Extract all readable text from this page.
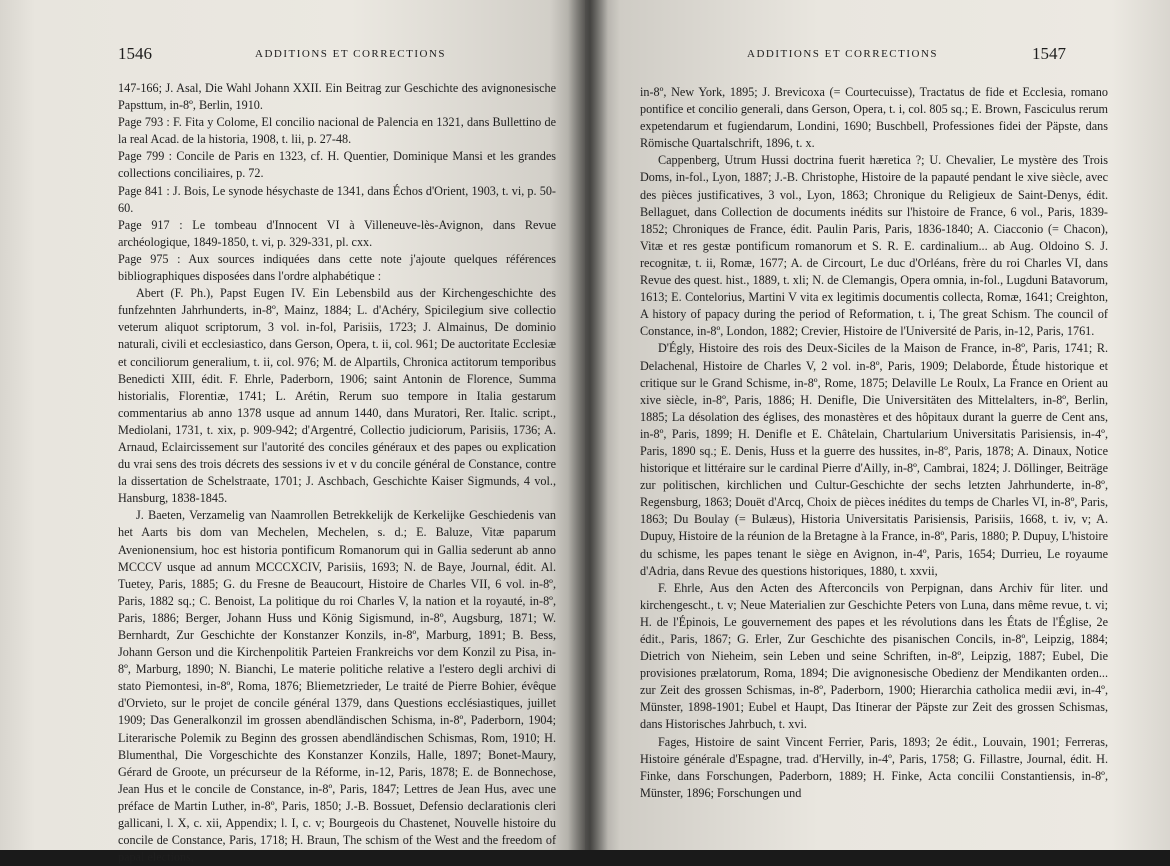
1546	ADDITIONS ET CORRECTIONS

147-166; J. Asal, Die Wahl Johann XXII. Ein Beitrag zur Geschichte des avignonesische Papsttum, in-8º, Berlin, 1910.

Page 793 : F. Fita y Colome, El concilio nacional de Palencia en 1321, dans Bullettino de la real Acad. de la historia, 1908, t. lii, p. 27-48.

Page 799 : Concile de Paris en 1323, cf. H. Quentier, Dominique Mansi et les grandes collections conciliaires, p. 72.

Page 841 : J. Bois, Le synode hésychaste de 1341, dans Échos d'Orient, 1903, t. vi, p. 50-60.

Page 917 : Le tombeau d'Innocent VI à Villeneuve-lès-Avignon, dans Revue archéologique, 1849-1850, t. vi, p. 329-331, pl. cxx.

Page 975 : Aux sources indiquées dans cette note j'ajoute quelques références bibliographiques disposées dans l'ordre alphabétique :

Abert (F. Ph.), Papst Eugen IV. Ein Lebensbild aus der Kirchengeschichte des funfzehnten Jahrhunderts, in-8º, Mainz, 1884; L. d'Achéry, Spicilegium sive collectio veterum aliquot scriptorum, 3 vol. in-fol, Parisiis, 1723; J. Almainus, De dominio naturali, civili et ecclesiastico, dans Gerson, Opera, t. ii, col. 961; De auctoritate Ecclesiæ et conciliorum generalium, t. ii, col. 976; M. de Alpartils, Chronica actitorum temporibus Benedicti XIII, édit. F. Ehrle, Paderborn, 1906; saint Antonin de Florence, Summa historialis, Florentiæ, 1741; L. Arétin, Rerum suo tempore in Italia gestarum commentarius ab anno 1378 usque ad annum 1440, dans Muratori, Rer. Italic. script., Mediolani, 1731, t. xix, p. 909-942; d'Argentré, Collectio judiciorum, Parisiis, 1736; A. Arnaud, Eclaircissement sur l'autorité des conciles généraux et des papes ou explication du vrai sens des trois décrets des sessions iv et v du concile général de Constance, contre la dissertation de Schelstraate, 1701; J. Aschbach, Geschichte Kaiser Sigmunds, 4 vol., Hansburg, 1838-1845.

J. Baeten, Verzamelig van Naamrollen Betrekkelijk de Kerkelijke Geschiedenis van het Aarts bis dom van Mechelen, Mechelen, s. d.; E. Baluze, Vitæ paparum Avenionensium, hoc est historia pontificum Romanorum qui in Gallia sederunt ab anno MCCCV usque ad annum MCCCXCIV, Parisiis, 1693; N. de Baye, Journal, édit. Al. Tuetey, Paris, 1885; G. du Fresne de Beaucourt, Histoire de Charles VII, 6 vol. in-8º, Paris, 1882 sq.; C. Benoist, La politique du roi Charles V, la nation et la royauté, in-8º, Paris, 1886; Berger, Johann Huss und König Sigismund, in-8º, Augsburg, 1871; W. Bernhardt, Zur Geschichte der Konstanzer Konzils, in-8º, Marburg, 1891; B. Bess, Johann Gerson und die Kirchenpolitik Parteien Frankreichs vor dem Konzil zu Pisa, in-8º, Marburg, 1890; N. Bianchi, Le materie politiche relative a l'estero degli archivi di stato Piemontesi, in-8º, Roma, 1876; Bliemetzrieder, Le traité de Pierre Bohier, évêque d'Orvieto, sur le projet de concile général 1379, dans Questions ecclésiastiques, juillet 1909; Das Generalkonzil im grossen abendländischen Schisma, in-8º, Paderborn, 1904; Literarische Polemik zu Beginn des grossen abendländischen Schismas, Rom, 1910; H. Blumenthal, Die Vorgeschichte des Konstanzer Konzils, Halle, 1897; Bonet-Maury, Gérard de Groote, un précurseur de la Réforme, in-12, Paris, 1878; E. de Bonnechose, Jean Hus et le concile de Constance, in-8º, Paris, 1847; Lettres de Jean Hus, avec une préface de Martin Luther, in-8º, Paris, 1850; J.-B. Bossuet, Defensio declarationis cleri gallicani, l. X, c. xii, Appendix; l. I, c. v; Bourgeois du Chastenet, Nouvelle histoire du concile de Constance, Paris, 1718; H. Braun, The schism of the West and the freedom of papal elections,

ADDITIONS ET CORRECTIONS	1547

in-8º, New York, 1895; J. Brevicoxa (= Courtecuisse), Tractatus de fide et Ecclesia, romano pontifice et concilio generali, dans Gerson, Opera, t. i, col. 805 sq.; E. Brown, Fasciculus rerum expetendarum et fugiendarum, Londini, 1690; Buschbell, Professiones fidei der Päpste, dans Römische Quartalschrift, 1896, t. x.

Cappenberg, Utrum Hussi doctrina fuerit hæretica ?; U. Chevalier, Le mystère des Trois Doms, in-fol., Lyon, 1887; J.-B. Christophe, Histoire de la papauté pendant le xive siècle, avec des pièces justificatives, 3 vol., Lyon, 1863; Chronique du Religieux de Saint-Denys, édit. Bellaguet, dans Collection de documents inédits sur l'histoire de France, 6 vol., Paris, 1839-1852; Chroniques de France, édit. Paulin Paris, Paris, 1836-1840; A. Ciacconio (= Chacon), Vitæ et res gestæ pontificum romanorum et S. R. E. cardinalium... ab Aug. Oldoino S. J. recognitæ, t. ii, Romæ, 1677; A. de Circourt, Le duc d'Orléans, frère du roi Charles VI, dans Revue des quest. hist., 1889, t. xli; N. de Clemangis, Opera omnia, in-fol., Lugduni Batavorum, 1613; E. Contelorius, Martini V vita ex legitimis documentis collecta, Romæ, 1641; Creighton, A history of papacy during the period of Reformation, t. i, The great Schism. The council of Constance, in-8º, London, 1882; Crevier, Histoire de l'Université de Paris, in-12, Paris, 1761.

D'Égly, Histoire des rois des Deux-Siciles de la Maison de France, in-8º, Paris, 1741; R. Delachenal, Histoire de Charles V, 2 vol. in-8º, Paris, 1909; Delaborde, Étude historique et critique sur le Grand Schisme, in-8º, Rome, 1875; Delaville Le Roulx, La France en Orient au xive siècle, in-8º, Paris, 1886; H. Denifle, Die Universitäten des Mittelalters, in-8º, Berlin, 1885; La désolation des églises, des monastères et des hôpitaux durant la guerre de Cent ans, in-8º, Paris, 1899; H. Denifle et E. Châtelain, Chartularium Universitatis Parisiensis, in-4º, Paris, 1890 sq.; E. Denis, Huss et la guerre des hussites, in-8º, Paris, 1878; A. Dinaux, Notice historique et littéraire sur le cardinal Pierre d'Ailly, in-8º, Cambrai, 1824; J. Döllinger, Beiträge zur politischen, kirchlichen und Cultur-Geschichte der sechs letzten Jahrhunderte, in-8º, Regensburg, 1863; Douët d'Arcq, Choix de pièces inédites du temps de Charles VI, in-8º, Paris, 1863; Du Boulay (= Bulæus), Historia Universitatis Parisiensis, Parisiis, 1668, t. iv, v; A. Dupuy, Histoire de la réunion de la Bretagne à la France, in-8º, Paris, 1880; P. Dupuy, L'histoire du schisme, les papes tenant le siège en Avignon, in-4º, Paris, 1654; Durrieu, Le royaume d'Adria, dans Revue des questions historiques, 1880, t. xxvii,

F. Ehrle, Aus den Acten des Afterconcils von Perpignan, dans Archiv für liter. und kirchengescht., t. v; Neue Materialien zur Geschichte Peters von Luna, dans même revue, t. vi; H. de l'Épinois, Le gouvernement des papes et les révolutions dans les États de l'Église, 2e édit., Paris, 1867; G. Erler, Zur Geschichte des pisanischen Concils, in-8º, Leipzig, 1884; Dietrich von Nieheim, sein Leben und seine Schriften, in-8º, Leipzig, 1887; Eubel, Die provisiones prælatorum, Roma, 1894; Die avignonesische Obedienz der Mendikanten orden... zur Zeit des grossen Schismas, in-8º, Paderborn, 1900; Hierarchia catholica medii ævi, in-4º, Münster, 1898-1901; Eubel et Haupt, Das Itinerar der Päpste zur Zeit des grossen Schismas, dans Historisches Jahrbuch, t. xvi.

Fages, Histoire de saint Vincent Ferrier, Paris, 1893; 2e édit., Louvain, 1901; Ferreras, Histoire générale d'Espagne, trad. d'Hervilly, in-4º, Paris, 1758; G. Fillastre, Journal, édit. H. Finke, dans Forschungen, Paderborn, 1889; H. Finke, Acta concilii Constantiensis, in-8º, Münster, 1896; Forschungen und
